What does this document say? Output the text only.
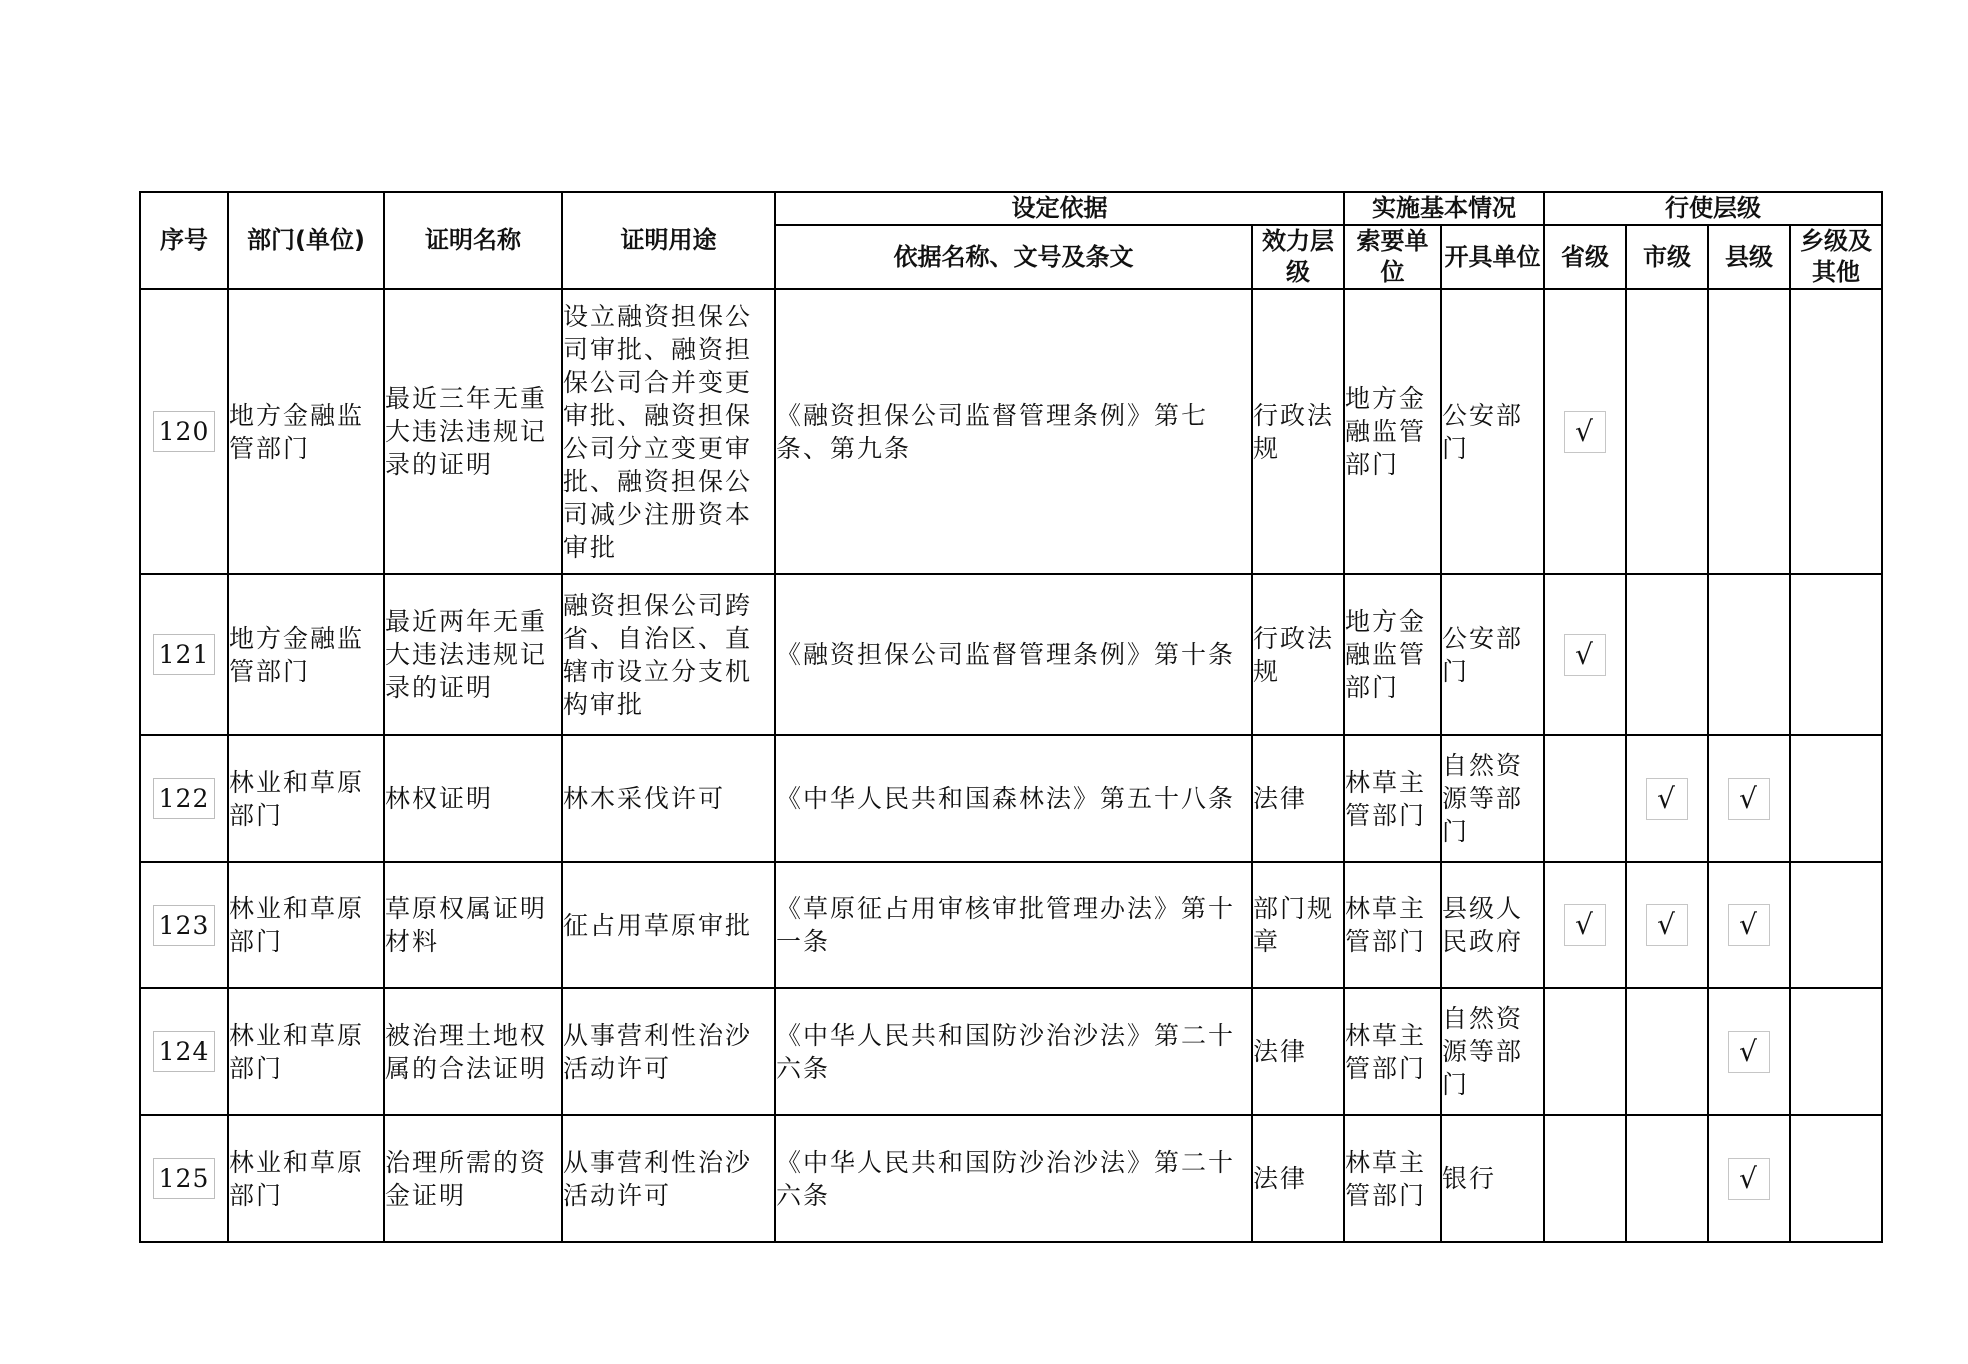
序号	部门(单位)	证明名称	证明用途	设定依据		实施基本情况		行使层级			
				依据名称、文号及条文	效力层级	索要单位	开具单位	省级	市级	县级	乡级及其他
120	地方金融监管部门	最近三年无重大违法违规记录的证明	设立融资担保公司审批、融资担保公司合并变更审批、融资担保公司分立变更审批、融资担保公司减少注册资本审批	《融资担保公司监督管理条例》第七条、第九条	行政法规	地方金融监管部门	公安部门	√			
121	地方金融监管部门	最近两年无重大违法违规记录的证明	融资担保公司跨省、自治区、直辖市设立分支机构审批	《融资担保公司监督管理条例》第十条	行政法规	地方金融监管部门	公安部门	√			
122	林业和草原部门	林权证明	林木采伐许可	《中华人民共和国森林法》第五十八条	法律	林草主管部门	自然资源等部门		√	√	
123	林业和草原部门	草原权属证明材料	征占用草原审批	《草原征占用审核审批管理办法》第十一条	部门规章	林草主管部门	县级人民政府	√	√	√	
124	林业和草原部门	被治理土地权属的合法证明	从事营利性治沙活动许可	《中华人民共和国防沙治沙法》第二十六条	法律	林草主管部门	自然资源等部门			√	
125	林业和草原部门	治理所需的资金证明	从事营利性治沙活动许可	《中华人民共和国防沙治沙法》第二十六条	法律	林草主管部门	银行			√	
